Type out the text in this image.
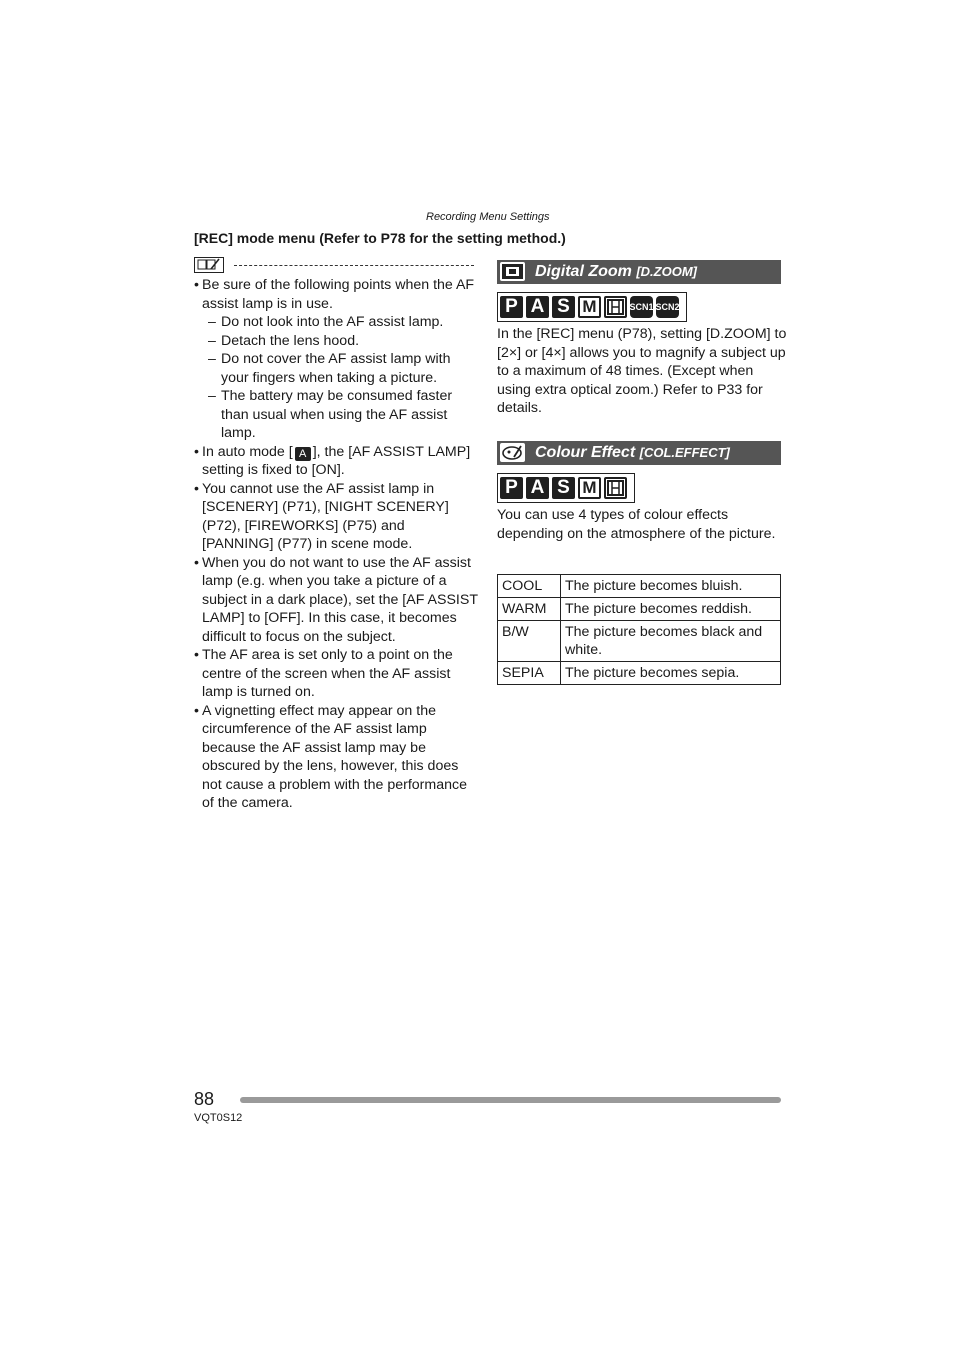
Recording Menu Settings
[REC] mode menu (Refer to P78 for the setting method.)
• Be sure of the following points when the AF assist lamp is in use.
– Do not look into the AF assist lamp.
– Detach the lens hood.
– Do not cover the AF assist lamp with your fingers when taking a picture.
– The battery may be consumed faster than usual when using the AF assist lamp.
• In auto mode [ A ], the [AF ASSIST LAMP] setting is fixed to [ON].
• You cannot use the AF assist lamp in [SCENERY] (P71), [NIGHT SCENERY] (P72), [FIREWORKS] (P75) and [PANNING] (P77) in scene mode.
• When you do not want to use the AF assist lamp (e.g. when you take a picture of a subject in a dark place), set the [AF ASSIST LAMP] to [OFF]. In this case, it becomes difficult to focus on the subject.
• The AF area is set only to a point on the centre of the screen when the AF assist lamp is turned on.
• A vignetting effect may appear on the circumference of the AF assist lamp because the AF assist lamp may be obscured by the lens, however, this does not cause a problem with the performance of the camera.
Digital Zoom [D.ZOOM]
P A S M	SCN1 SCN2
In the [REC] menu (P78), setting [D.ZOOM] to [2×] or [4×] allows you to magnify a subject up to a maximum of 48 times. (Except when using extra optical zoom.) Refer to P33 for details.
Colour Effect [COL.EFFECT]
P A S M
You can use 4 types of colour effects depending on the atmosphere of the picture.
COOL	The picture becomes bluish.
WARM	The picture becomes reddish.
B/W	The picture becomes black and white.
SEPIA	The picture becomes sepia.
88
VQT0S12
